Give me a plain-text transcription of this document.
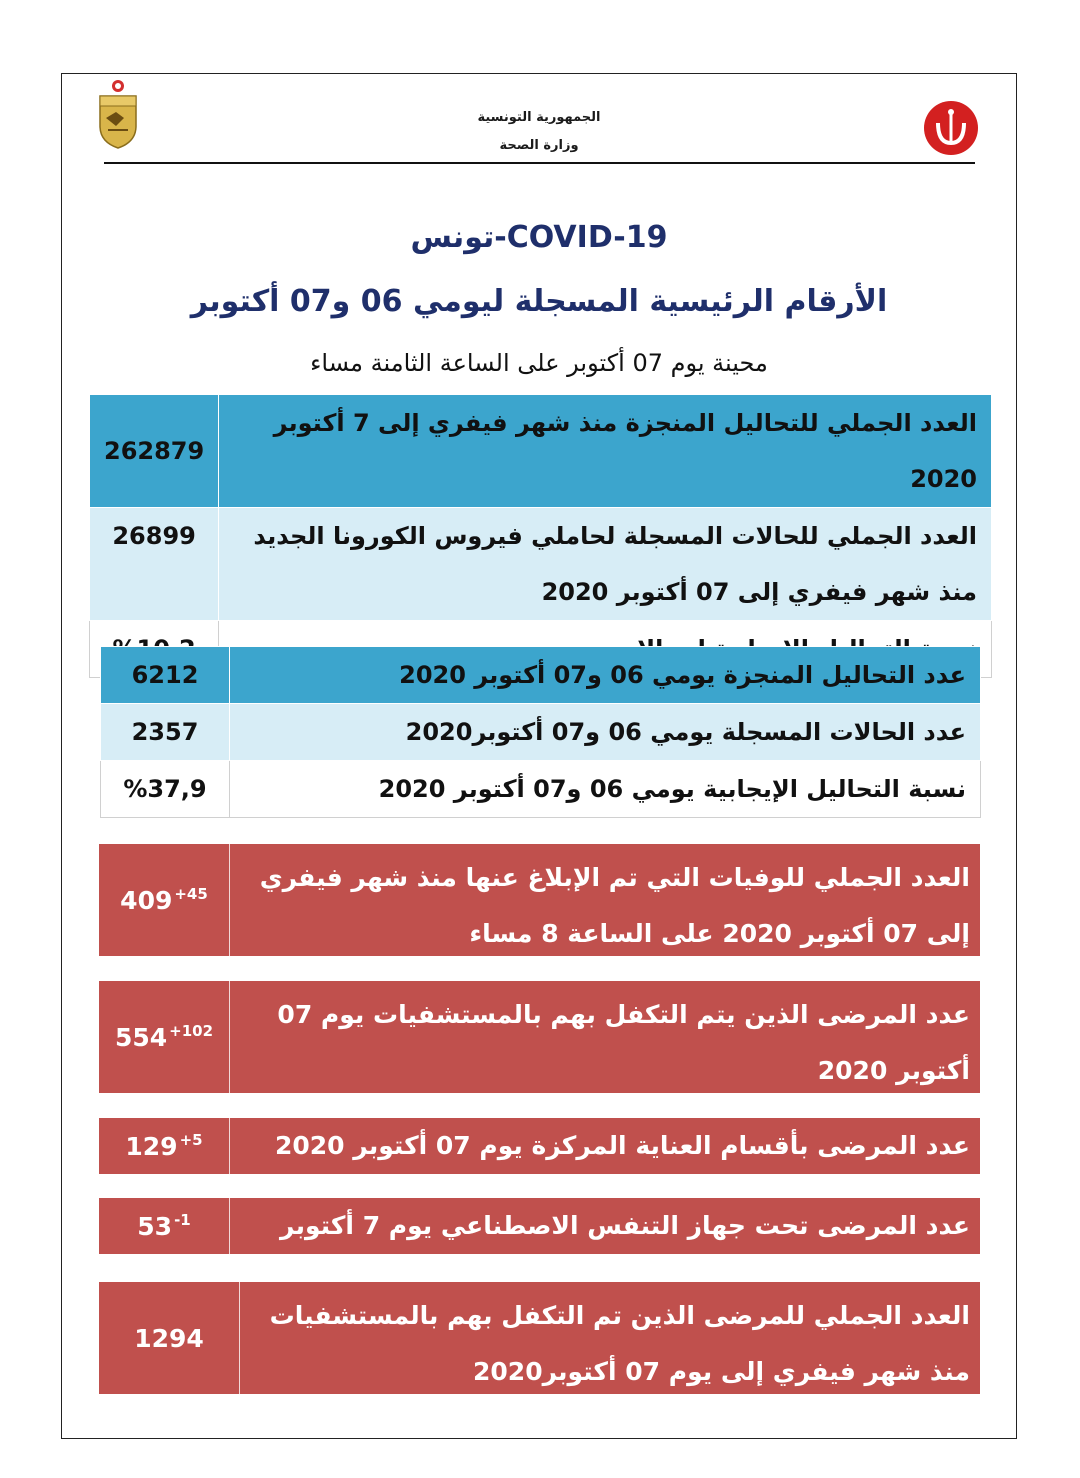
الجمهورية التونسية
وزارة الصحة
COVID-19-تونس
الأرقام الرئيسية المسجلة ليومي 06 و07 أكتوبر
محينة يوم 07 أكتوبر على الساعة الثامنة مساء
العدد الجملي للتحاليل المنجزة منذ شهر فيفري إلى 7 أكتوبر 2020	262879
العدد الجملي للحالات المسجلة لحاملي فيروس الكورونا الجديد منذ شهر فيفري إلى 07 أكتوبر 2020	26899

عدد التحاليل المنجزة يومي 06 و07 أكتوبر 2020	6212
عدد الحالات المسجلة يومي 06 و07 أكتوبر2020	2357
نسبة التحاليل الإيجابية يومي 06 و07 أكتوبر 2020	%37,9
العدد الجملي للوفيات التي تم الإبلاغ عنها منذ شهر فيفري إلى 07 أكتوبر 2020 على الساعة 8 مساء
$409^{+45}$
عدد المرضى الذين يتم التكفل بهم بالمستشفيات يوم 07 أكتوبر 2020
$554^{+102}$
عدد المرضى بأقسام العناية المركزة يوم 07 أكتوبر 2020
$129^{+5}$
عدد المرضى تحت جهاز التنفس الاصطناعي يوم 7 أكتوبر
$53^{-1}$
العدد الجملي للمرضى الذين تم التكفل بهم بالمستشفيات منذ شهر فيفري إلى يوم 07 أكتوبر2020
1294
